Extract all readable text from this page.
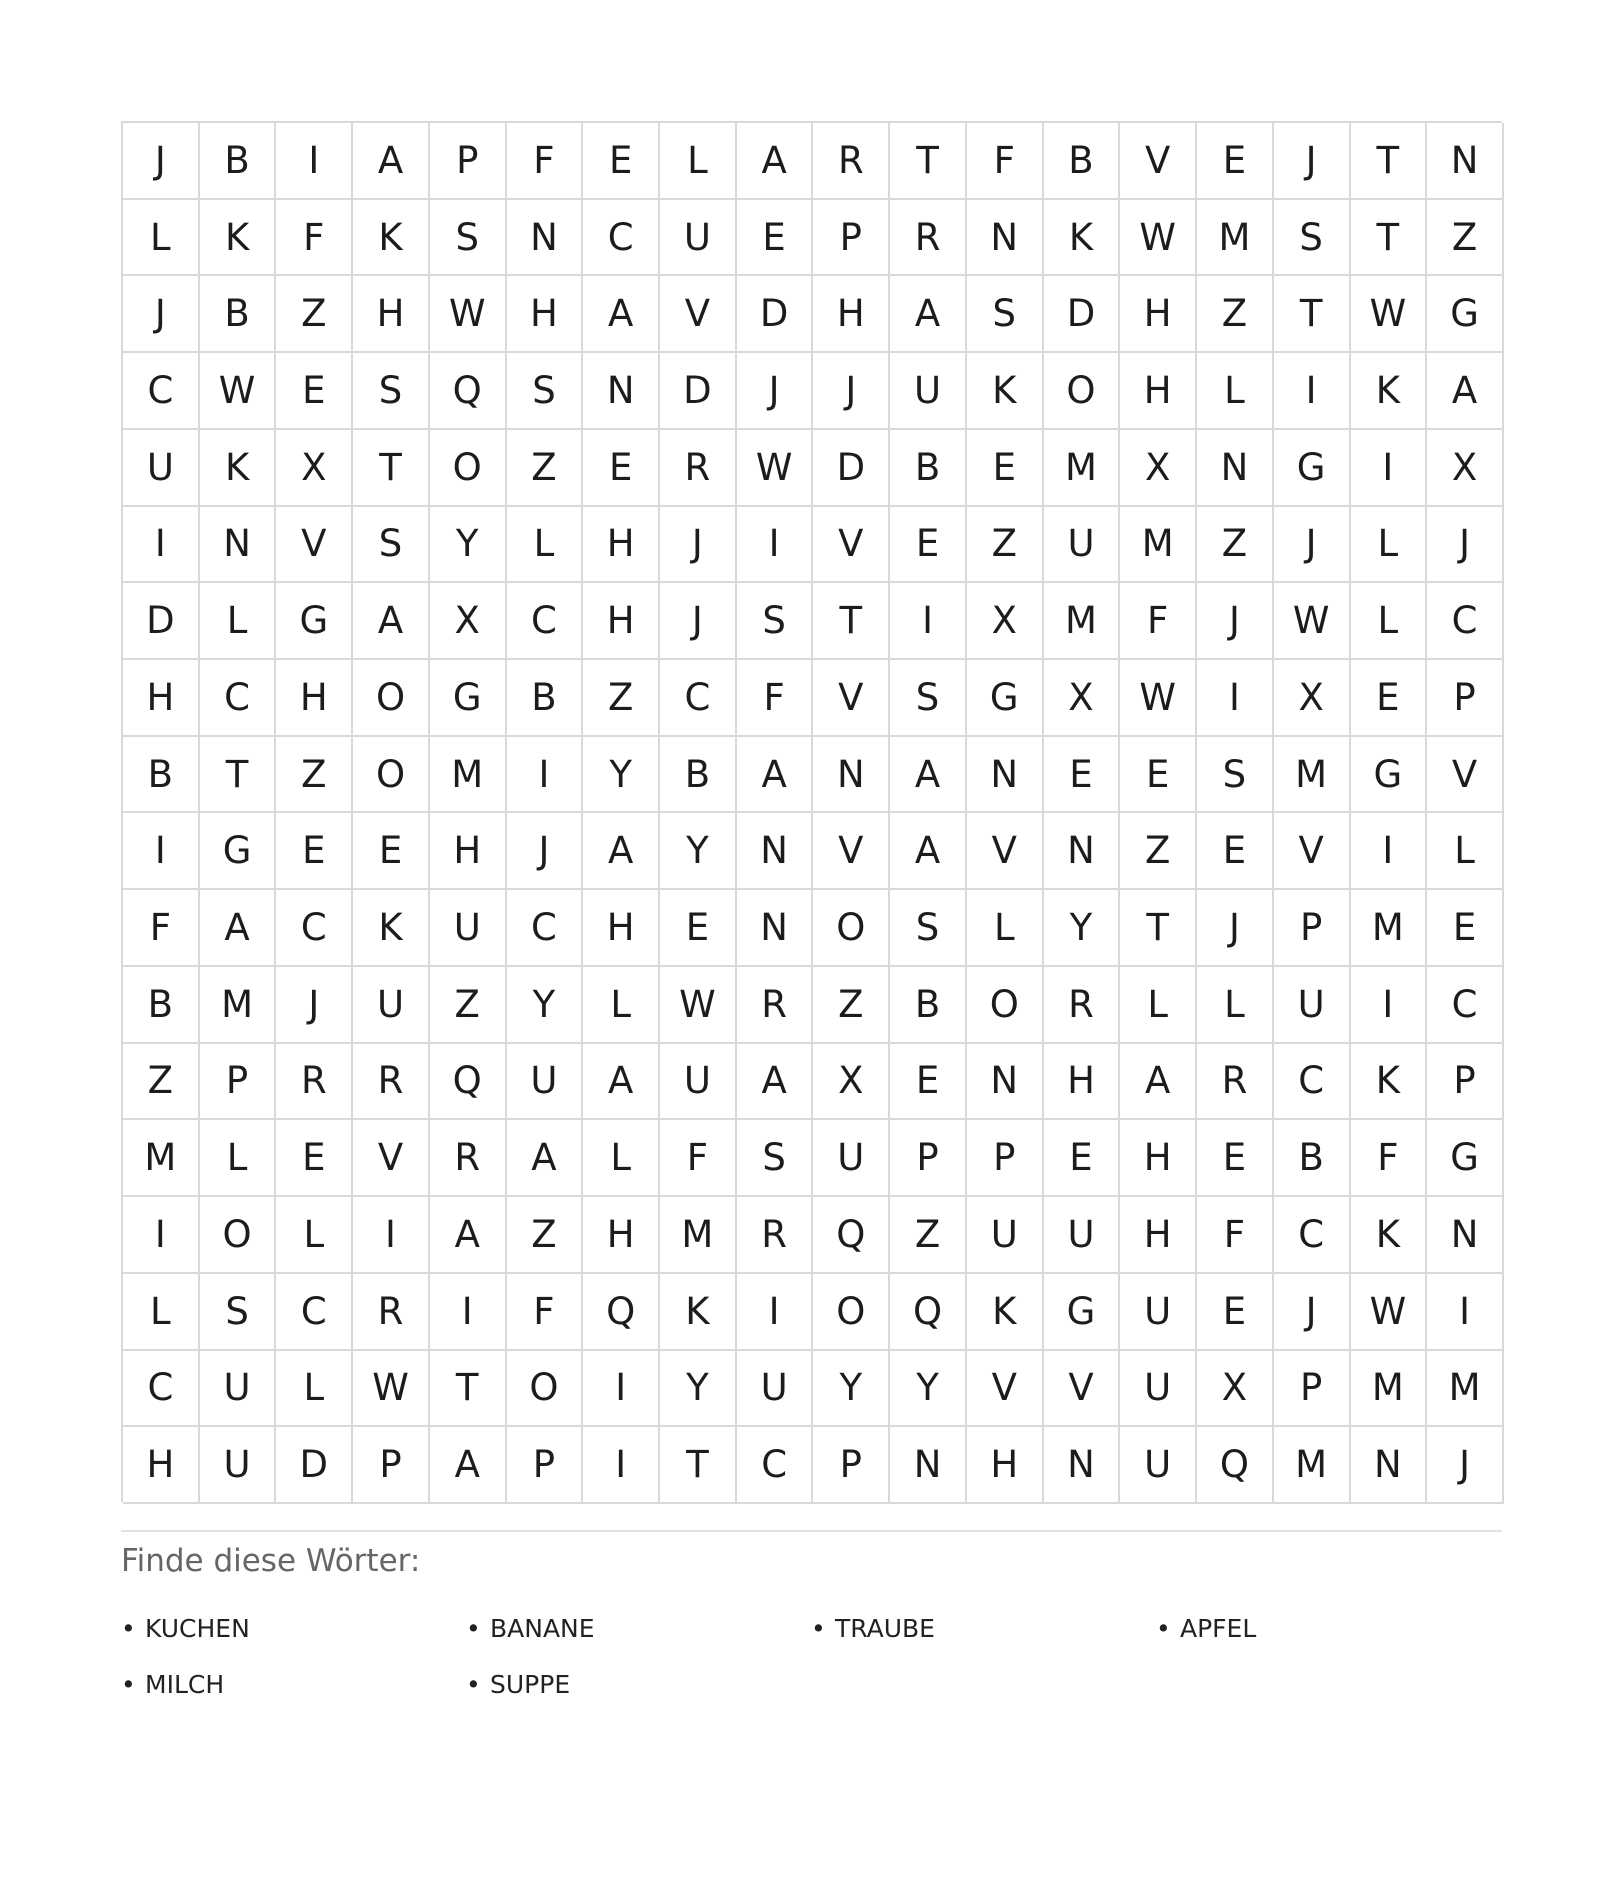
J	B	I	A	P	F	E	L	A	R	T	F	B	V	E	J	T	N
L	K	F	K	S	N	C	U	E	P	R	N	K	W	M	S	T	Z
J	B	Z	H	W	H	A	V	D	H	A	S	D	H	Z	T	W	G
C	W	E	S	Q	S	N	D	J	J	U	K	O	H	L	I	K	A
U	K	X	T	O	Z	E	R	W	D	B	E	M	X	N	G	I	X
I	N	V	S	Y	L	H	J	I	V	E	Z	U	M	Z	J	L	J
D	L	G	A	X	C	H	J	S	T	I	X	M	F	J	W	L	C
H	C	H	O	G	B	Z	C	F	V	S	G	X	W	I	X	E	P
B	T	Z	O	M	I	Y	B	A	N	A	N	E	E	S	M	G	V
I	G	E	E	H	J	A	Y	N	V	A	V	N	Z	E	V	I	L
F	A	C	K	U	C	H	E	N	O	S	L	Y	T	J	P	M	E
B	M	J	U	Z	Y	L	W	R	Z	B	O	R	L	L	U	I	C
Z	P	R	R	Q	U	A	U	A	X	E	N	H	A	R	C	K	P
M	L	E	V	R	A	L	F	S	U	P	P	E	H	E	B	F	G
I	O	L	I	A	Z	H	M	R	Q	Z	U	U	H	F	C	K	N
L	S	C	R	I	F	Q	K	I	O	Q	K	G	U	E	J	W	I
C	U	L	W	T	O	I	Y	U	Y	Y	V	V	U	X	P	M	M
H	U	D	P	A	P	I	T	C	P	N	H	N	U	Q	M	N	J
Finde diese Wörter:
• KUCHEN	• BANANE	• TRAUBE	• APFEL
• MILCH	• SUPPE
